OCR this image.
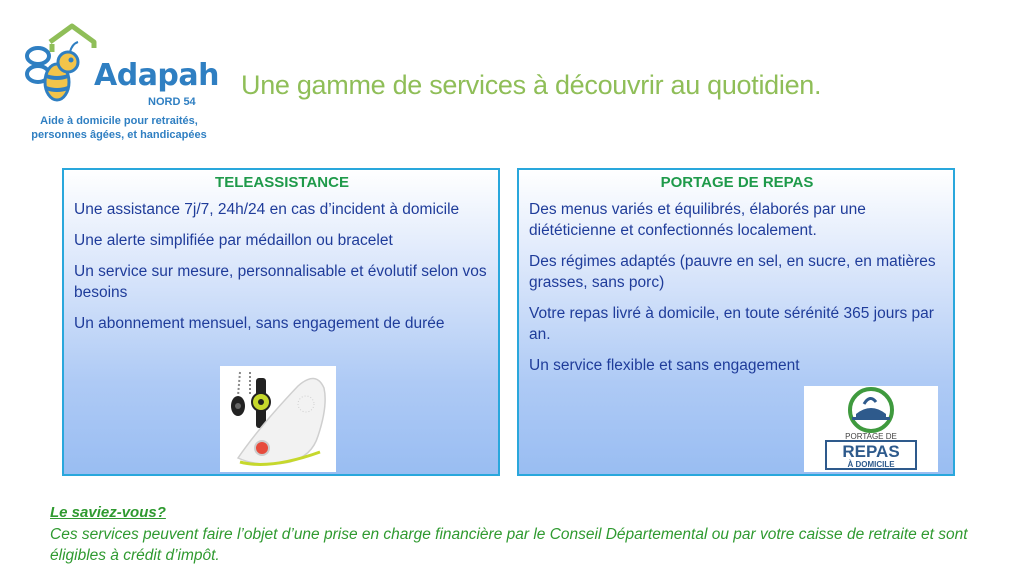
Adapah

NORD 54
Aide à domicile pour retraités,
personnes âgées, et handicapées
Une gamme de services à découvrir au quotidien.
TELEASSISTANCE
Une assistance 7j/7, 24h/24 en cas d’incident à domicile
Une alerte simplifiée par médaillon ou bracelet
Un service sur mesure, personnalisable et évolutif selon vos besoins
Un abonnement mensuel, sans engagement de durée
PORTAGE DE REPAS
Des menus variés et équilibrés, élaborés par une diététicienne et confectionnés localement.
Des régimes adaptés (pauvre en sel, en sucre, en matières grasses, sans porc)
Votre repas livré à domicile, en toute sérénité 365 jours par an.
Un service flexible et sans engagement
PORTAGE DE
REPAS
À DOMICILE

Le saviez-vous?

Ces services peuvent faire l’objet d’une prise en charge financière par le Conseil Départemental ou par votre caisse de retraite et sont éligibles à crédit d’impôt.
